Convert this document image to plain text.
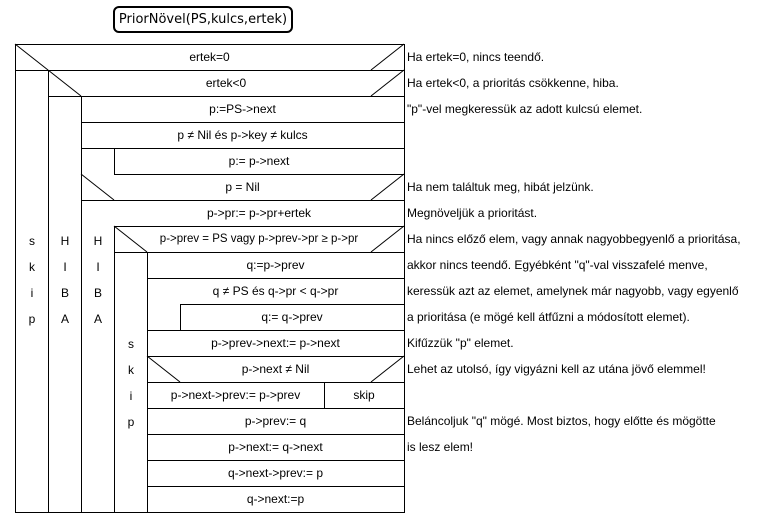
PriorNövel(PS,kulcs,ertek)
ertek=0
ertek<0
p:=PS->next
p ≠ Nil és p->key ≠ kulcs
p:= p->next
p = Nil
p->pr:= p->pr+ertek
p->prev = PS vagy p->prev->pr ≥ p->pr
q:=p->prev
q ≠ PS és q->pr < q->pr
q:= q->prev
p->prev->next:= p->next
p->next ≠ Nil
p->next->prev:= p->prev	skip
p->prev:= q
p->next:= q->next
q->next->prev:= p
q->next:=p
s
k
i
p
H
I
B
A
H
I
B
A
s
k
i
p
Ha ertek=0, nincs teendő.
Ha ertek<0, a prioritás csökkenne, hiba.
"p"-vel megkeressük az adott kulcsú elemet.
Ha nem találtuk meg, hibát jelzünk.
Megnöveljük a prioritást.
Ha nincs előző elem, vagy annak nagyobbegyenlő a prioritása,
akkor nincs teendő. Egyébként "q"-val visszafelé menve,
keressük azt az elemet, amelynek már nagyobb, vagy egyenlő
a prioritása (e mögé kell átfűzni a módosított elemet).
Kifűzzük "p" elemet.
Lehet az utolsó, így vigyázni kell az utána jövő elemmel!
Beláncoljuk "q" mögé. Most biztos, hogy előtte és mögötte
is lesz elem!
